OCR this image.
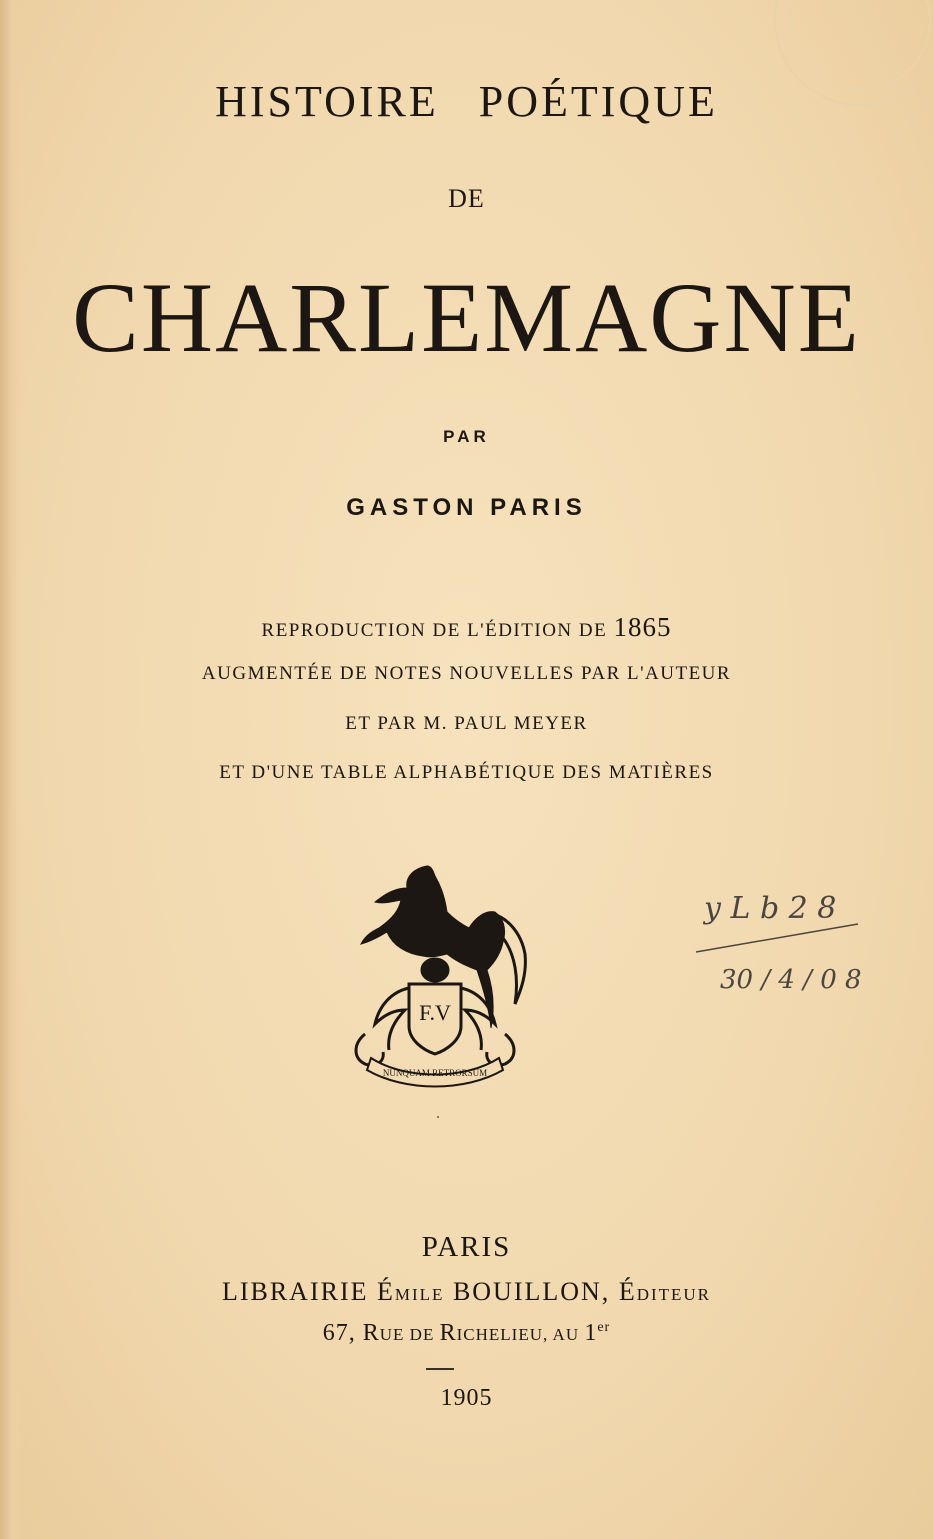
HISTOIRE POÉTIQUE
DE
CHARLEMAGNE
PAR
GASTON PARIS
REPRODUCTION DE L'ÉDITION DE 1865
AUGMENTÉE DE NOTES NOUVELLES PAR L'AUTEUR
ET PAR M. PAUL MEYER
ET D'UNE TABLE ALPHABÉTIQUE DES MATIÈRES
F.V
NUNQUAM RETRORSUM
y L b 2 8
30 / 4 / 0 8
PARIS
LIBRAIRIE ÉMILE BOUILLON, ÉDITEUR
67, RUE DE RICHELIEU, AU 1er
1905
